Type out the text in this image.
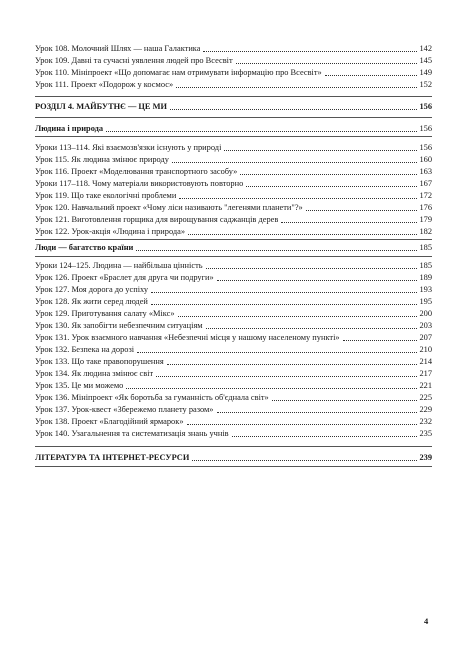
Урок 108. Молочний Шлях — наша Галактика	142
Урок 109. Давні та сучасні уявлення людей про Всесвіт	145
Урок 110. Мініпроект «Що допомагає нам отримувати інформацію про Всесвіт»	149
Урок 111. Проект «Подорож у космос»	152
РОЗДІЛ 4. МАЙБУТНЄ — ЦЕ МИ	156
Людина і природа	156
Уроки 113–114. Які взаємозв'язки існують у природі	156
Урок 115. Як людина змінює природу	160
Урок 116. Проект «Моделювання транспортного засобу»	163
Уроки 117–118. Чому матеріали використовують повторно	167
Урок 119. Що таке екологічні проблеми	172
Урок 120. Навчальний проект «Чому ліси називають "легенями планети"?»	176
Урок 121. Виготовлення горщика для вирощування саджанців дерев	179
Урок 122. Урок-акція «Людина і природа»	182
Люди — багатство країни	185
Уроки 124–125. Людина — найбільша цінність	185
Урок 126. Проект «Браслет для друга чи подруги»	189
Урок 127. Моя дорога до успіху	193
Урок 128. Як жити серед людей	195
Урок 129. Приготування салату «Мікс»	200
Урок 130. Як запобігти небезпечним ситуаціям	203
Урок 131. Урок взаємного навчання «Небезпечні місця у нашому населеному пункті»	207
Урок 132. Безпека на дорозі	210
Урок 133. Що таке правопорушення	214
Урок 134. Як людина змінює світ	217
Урок 135. Це ми можемо	221
Урок 136. Мініпроект «Як боротьба за гуманність об'єднала світ»	225
Урок 137. Урок-квест «Збережемо планету разом»	229
Урок 138. Проект «Благодійний ярмарок»	232
Урок 140. Узагальнення та систематизація знань учнів	235
ЛІТЕРАТУРА ТА ІНТЕРНЕТ-РЕСУРСИ	239
4
